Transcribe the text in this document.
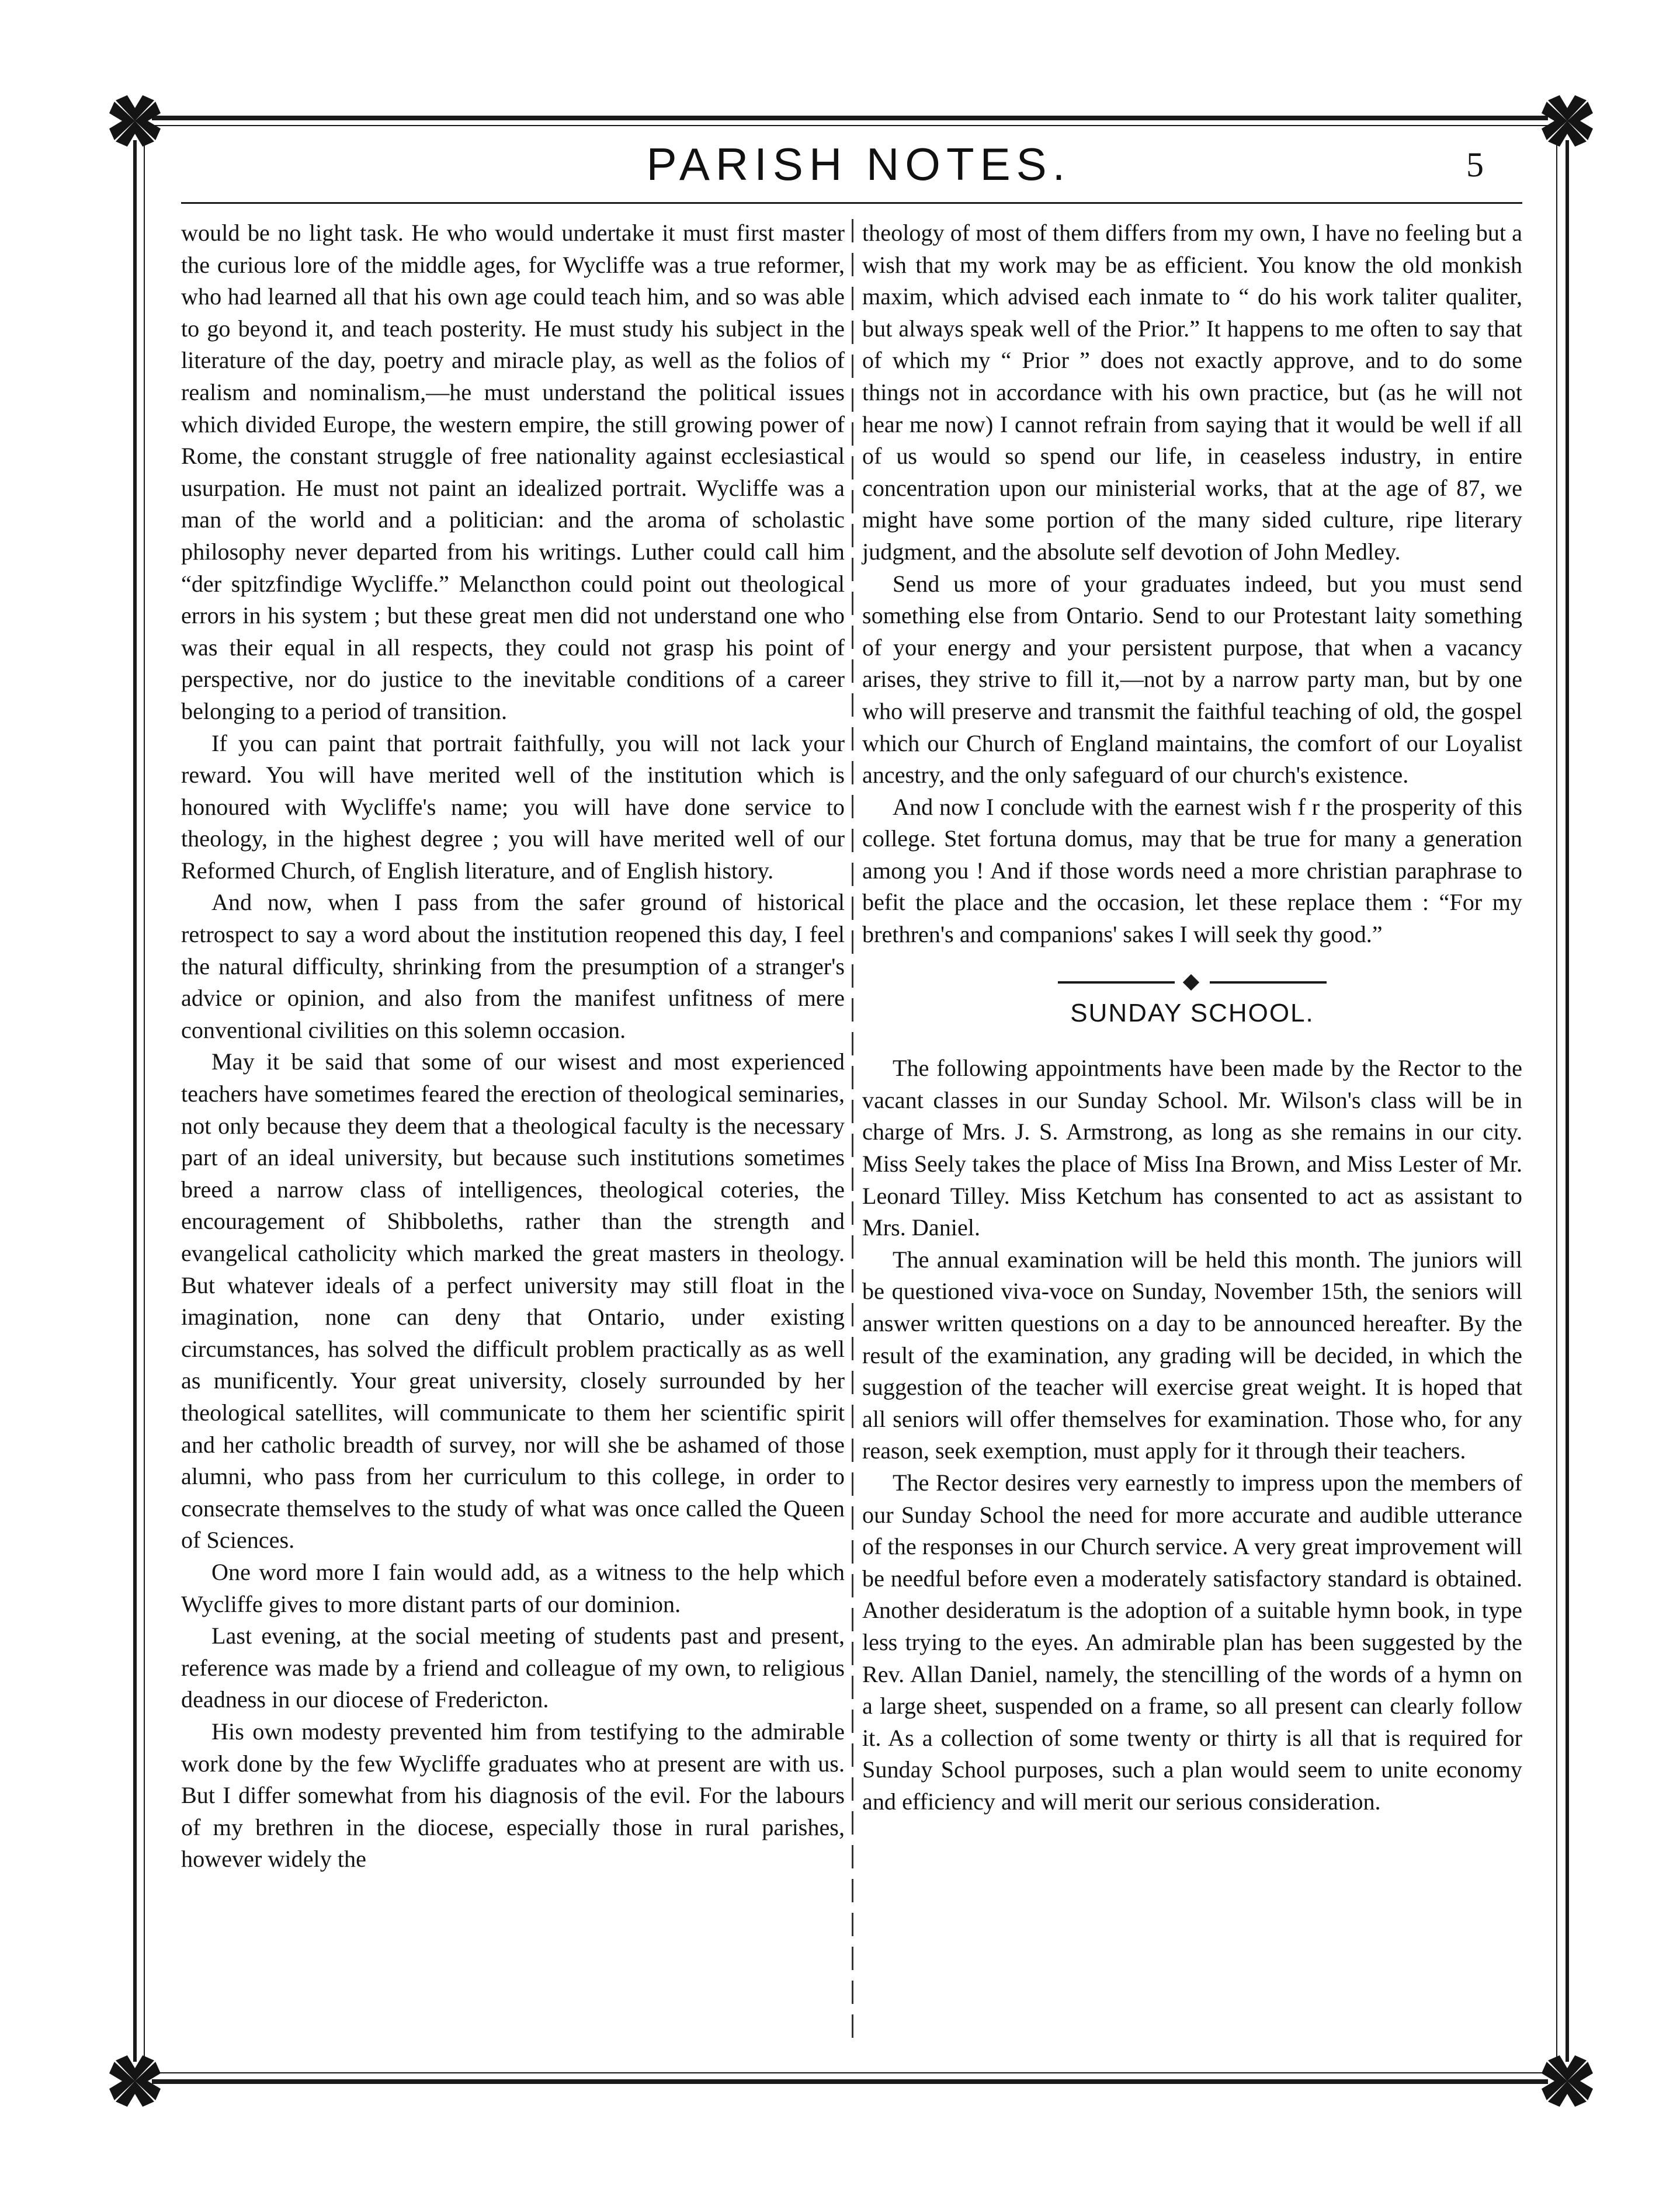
PARISH NOTES.	5

would be no light task. He who would undertake it must first master the curious lore of the middle ages, for Wycliffe was a true reformer, who had learned all that his own age could teach him, and so was able to go beyond it, and teach posterity. He must study his subject in the literature of the day, poetry and miracle play, as well as the folios of realism and nominalism,—he must understand the political issues which divided Europe, the western empire, the still growing power of Rome, the constant struggle of free nationality against ecclesiastical usurpation. He must not paint an idealized portrait. Wycliffe was a man of the world and a politician: and the aroma of scholastic philosophy never departed from his writings. Luther could call him “der spitzfindige Wycliffe.” Melancthon could point out theological errors in his system ; but these great men did not understand one who was their equal in all respects, they could not grasp his point of perspective, nor do justice to the inevitable conditions of a career belonging to a period of transition.

If you can paint that portrait faithfully, you will not lack your reward. You will have merited well of the institution which is honoured with Wycliffe's name; you will have done service to theology, in the highest degree ; you will have merited well of our Reformed Church, of English literature, and of English history.

And now, when I pass from the safer ground of historical retrospect to say a word about the institution reopened this day, I feel the natural difficulty, shrinking from the presumption of a stranger's advice or opinion, and also from the manifest unfitness of mere conventional civilities on this solemn occasion.

May it be said that some of our wisest and most experienced teachers have sometimes feared the erection of theological seminaries, not only because they deem that a theological faculty is the necessary part of an ideal university, but because such institutions sometimes breed a narrow class of intelligences, theological coteries, the encouragement of Shibboleths, rather than the strength and evangelical catholicity which marked the great masters in theology. But whatever ideals of a perfect university may still float in the imagination, none can deny that Ontario, under existing circumstances, has solved the difficult problem practically as as well as munificently. Your great university, closely surrounded by her theological satellites, will communicate to them her scientific spirit and her catholic breadth of survey, nor will she be ashamed of those alumni, who pass from her curriculum to this college, in order to consecrate themselves to the study of what was once called the Queen of Sciences.

One word more I fain would add, as a witness to the help which Wycliffe gives to more distant parts of our dominion.

Last evening, at the social meeting of students past and present, reference was made by a friend and colleague of my own, to religious deadness in our diocese of Fredericton.

His own modesty prevented him from testifying to the admirable work done by the few Wycliffe graduates who at present are with us. But I differ somewhat from his diagnosis of the evil. For the labours of my brethren in the diocese, especially those in rural parishes, however widely the

theology of most of them differs from my own, I have no feeling but a wish that my work may be as efficient. You know the old monkish maxim, which advised each inmate to “ do his work taliter qualiter, but always speak well of the Prior.” It happens to me often to say that of which my “ Prior ” does not exactly approve, and to do some things not in accordance with his own practice, but (as he will not hear me now) I cannot refrain from saying that it would be well if all of us would so spend our life, in ceaseless industry, in entire concentration upon our ministerial works, that at the age of 87, we might have some portion of the many sided culture, ripe literary judgment, and the absolute self devotion of John Medley.

Send us more of your graduates indeed, but you must send something else from Ontario. Send to our Protestant laity something of your energy and your persistent purpose, that when a vacancy arises, they strive to fill it,—not by a narrow party man, but by one who will preserve and transmit the faithful teaching of old, the gospel which our Church of England maintains, the comfort of our Loyalist ancestry, and the only safeguard of our church's existence.

And now I conclude with the earnest wish f r the prosperity of this college. Stet fortuna domus, may that be true for many a generation among you ! And if those words need a more christian paraphrase to befit the place and the occasion, let these replace them : “For my brethren's and companions' sakes I will seek thy good.”

SUNDAY SCHOOL.

The following appointments have been made by the Rector to the vacant classes in our Sunday School. Mr. Wilson's class will be in charge of Mrs. J. S. Armstrong, as long as she remains in our city. Miss Seely takes the place of Miss Ina Brown, and Miss Lester of Mr. Leonard Tilley. Miss Ketchum has consented to act as assistant to Mrs. Daniel.

The annual examination will be held this month. The juniors will be questioned viva-voce on Sunday, November 15th, the seniors will answer written questions on a day to be announced hereafter. By the result of the examination, any grading will be decided, in which the suggestion of the teacher will exercise great weight. It is hoped that all seniors will offer themselves for examination. Those who, for any reason, seek exemption, must apply for it through their teachers.

The Rector desires very earnestly to impress upon the members of our Sunday School the need for more accurate and audible utterance of the responses in our Church service. A very great improvement will be needful before even a moderately satisfactory standard is obtained. Another desideratum is the adoption of a suitable hymn book, in type less trying to the eyes. An admirable plan has been suggested by the Rev. Allan Daniel, namely, the stencilling of the words of a hymn on a large sheet, suspended on a frame, so all present can clearly follow it. As a collection of some twenty or thirty is all that is required for Sunday School purposes, such a plan would seem to unite economy and efficiency and will merit our serious consideration.
